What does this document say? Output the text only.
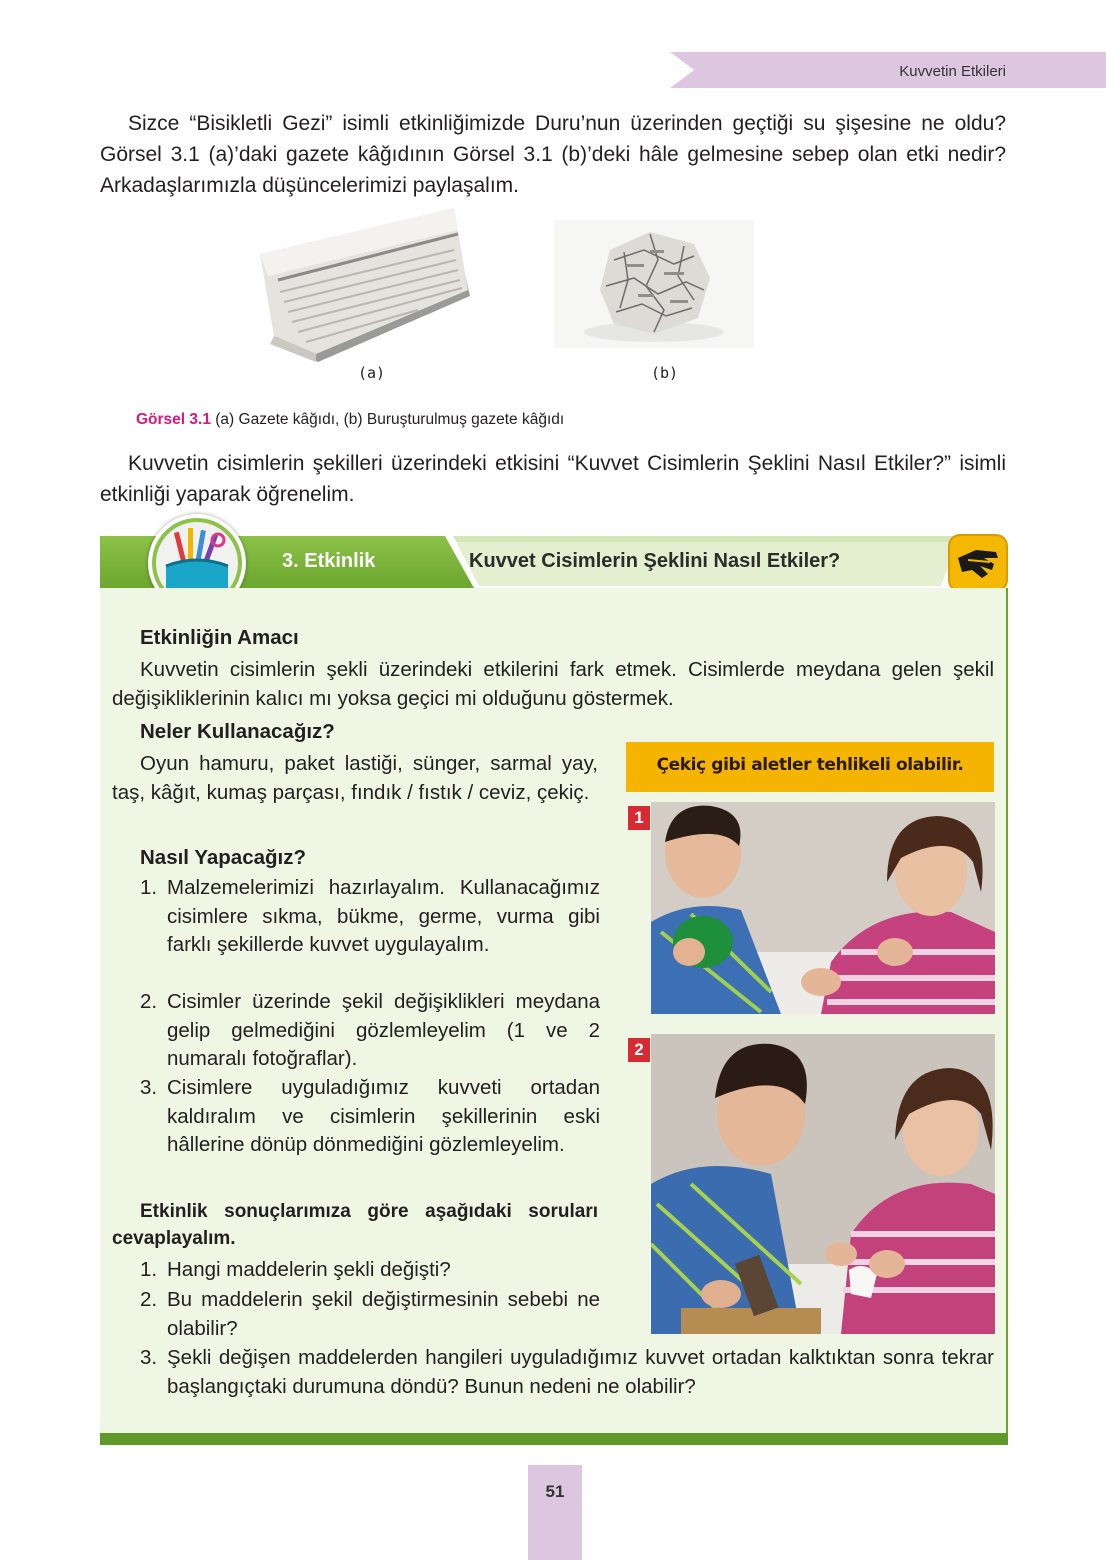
Kuvvetin Etkileri

Sizce “Bisikletli Gezi” isimli etkinliğimizde Duru’nun üzerinden geçtiği su şişesine ne oldu? Görsel 3.1 (a)’daki gazete kâğıdının Görsel 3.1 (b)’deki hâle gelmesine sebep olan etki nedir? Arkadaşlarımızla düşüncelerimizi paylaşalım.

(a)	(b)
Görsel 3.1 (a) Gazete kâğıdı, (b) Buruşturulmuş gazete kâğıdı

Kuvvetin cisimlerin şekilleri üzerindeki etkisini “Kuvvet Cisimlerin Şeklini Nasıl Etkiler?” isimli etkinliği yaparak öğrenelim.

3. Etkinlik	Kuvvet Cisimlerin Şeklini Nasıl Etkiler?
Etkinliğin Amacı

Kuvvetin cisimlerin şekli üzerindeki etkilerini fark etmek. Cisimlerde meydana gelen şekil değişikliklerinin kalıcı mı yoksa geçici mi olduğunu göstermek.

Neler Kullanacağız?

Oyun hamuru, paket lastiği, sünger, sarmal yay, taş, kâğıt, kumaş parçası, fındık / fıstık / ceviz, çekiç.

Nasıl Yapacağız?
1. Malzemelerimizi hazırlayalım. Kullanacağımız cisimlere sıkma, bükme, germe, vurma gibi farklı şekillerde kuvvet uygulayalım.
2. Cisimler üzerinde şekil değişiklikleri meydana gelip gelmediğini gözlemleyelim (1 ve 2 numaralı fotoğraflar).
3. Cisimlere uyguladığımız kuvveti ortadan kaldıralım ve cisimlerin şekillerinin eski hâllerine dönüp dönmediğini gözlemleyelim.

Etkinlik sonuçlarımıza göre aşağıdaki soruları cevaplayalım.

1. Hangi maddelerin şekli değişti?
2. Bu maddelerin şekil değiştirmesinin sebebi ne olabilir?
3. Şekli değişen maddelerden hangileri uyguladığımız kuvvet ortadan kalktıktan sonra tekrar başlangıçtaki durumuna döndü? Bunun nedeni ne olabilir?
Çekiç gibi aletler tehlikeli olabilir.
1
2
51
